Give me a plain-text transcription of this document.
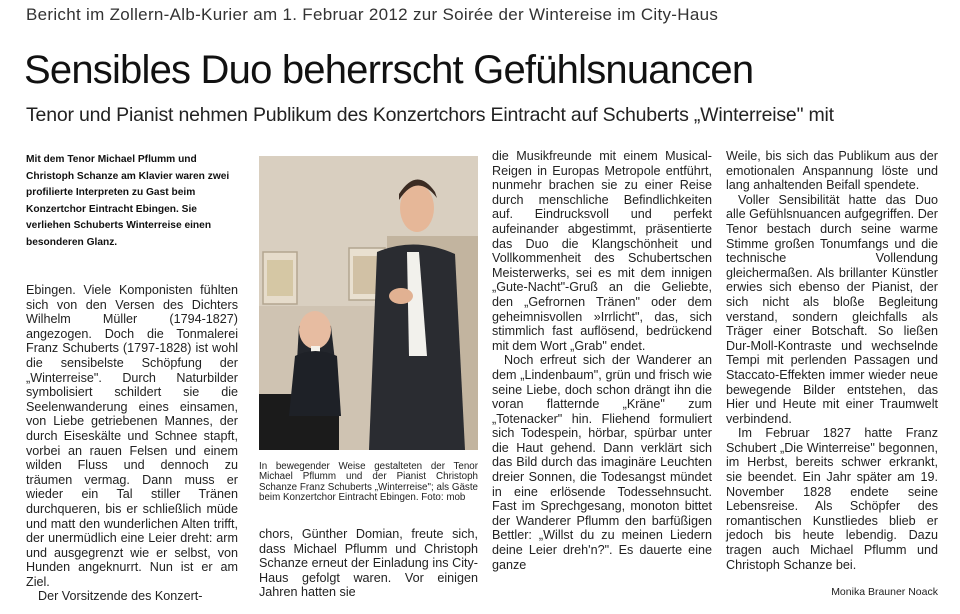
Bericht im Zollern-Alb-Kurier am 1. Februar 2012 zur Soirée der Wintereise im City-Haus
Sensibles Duo beherrscht Gefühlsnuancen
Tenor und Pianist nehmen Publikum des Konzertchors Eintracht auf Schuberts „Winterreise" mit
Mit dem Tenor Michael Pflumm und Christoph Schanze am Klavier waren zwei profilierte Interpreten zu Gast beim Konzertchor Eintracht Ebingen. Sie verliehen Schuberts Winterreise einen besonderen Glanz.

Ebingen. Viele Komponisten fühlten sich von den Versen des Dichters Wilhelm Müller (1794-1827) angezogen. Doch die Tonmalerei Franz Schuberts (1797-1828) ist wohl die sensibelste Schöpfung der „Winterreise". Durch Naturbilder symbolisiert schildert sie die Seelenwanderung eines einsamen, von Liebe getriebenen Mannes, der durch Eiseskälte und Schnee stapft, vorbei an rauen Felsen und einem wilden Fluss und dennoch zu träumen vermag. Dann muss er wieder ein Tal stiller Tränen durchqueren, bis er schließlich müde und matt den wunderlichen Alten trifft, der unermüdlich eine Leier dreht: arm und ausgegrenzt wie er selbst, von Hunden angeknurrt. Nun ist er am Ziel.

Der Vorsitzende des Konzert-

In bewegender Weise gestalteten der Tenor Michael Pflumm und der Pianist Christoph Schanze Franz Schuberts „Winterreise"; als Gäste beim Konzertchor Eintracht Ebingen. Foto: mob

chors, Günther Domian, freute sich, dass Michael Pflumm und Christoph Schanze erneut der Einladung ins City-Haus gefolgt waren. Vor einigen Jahren hatten sie

die Musikfreunde mit einem Musical-Reigen in Europas Metropole entführt, nunmehr brachen sie zu einer Reise durch menschliche Befindlichkeiten auf. Eindrucksvoll und perfekt aufeinander abgestimmt, präsentierte das Duo die Klangschönheit und Vollkommenheit des Schubertschen Meisterwerks, sei es mit dem innigen „Gute-Nacht"-Gruß an die Geliebte, den „Gefrornen Tränen" oder dem geheimnisvollen »Irrlicht", das, sich stimmlich fast auflösend, bedrückend mit dem Wort „Grab" endet.

Noch erfreut sich der Wanderer an dem „Lindenbaum", grün und frisch wie seine Liebe, doch schon drängt ihn die voran flatternde „Kräne" zum „Totenacker" hin. Fliehend formuliert sich Todespein, hörbar, spürbar unter die Haut gehend. Dann verklärt sich das Bild durch das imaginäre Leuchten dreier Sonnen, die Todesangst mündet in eine erlösende Todessehnsucht. Fast im Sprechgesang, monoton bittet der Wanderer Pflumm den barfüßigen Bettler: „Willst du zu meinen Liedern deine Leier dreh'n?". Es dauerte eine ganze

Weile, bis sich das Publikum aus der emotionalen Anspannung löste und lang anhaltenden Beifall spendete.

Voller Sensibilität hatte das Duo alle Gefühlsnuancen aufgegriffen. Der Tenor bestach durch seine warme Stimme großen Tonumfangs und die technische Vollendung gleichermaßen. Als brillanter Künstler erwies sich ebenso der Pianist, der sich nicht als bloße Begleitung verstand, sondern gleichfalls als Träger einer Botschaft. So ließen Dur-Moll-Kontraste und wechselnde Tempi mit perlenden Passagen und Staccato-Effekten immer wieder neue bewegende Bilder entstehen, das Hier und Heute mit einer Traumwelt verbindend.

Im Februar 1827 hatte Franz Schubert „Die Winterreise" begonnen, im Herbst, bereits schwer erkrankt, sie beendet. Ein Jahr später am 19. November 1828 endete seine Lebensreise. Als Schöpfer des romantischen Kunstliedes blieb er jedoch bis heute lebendig. Dazu tragen auch Michael Pflumm und Christoph Schanze bei.

Monika Brauner Noack
